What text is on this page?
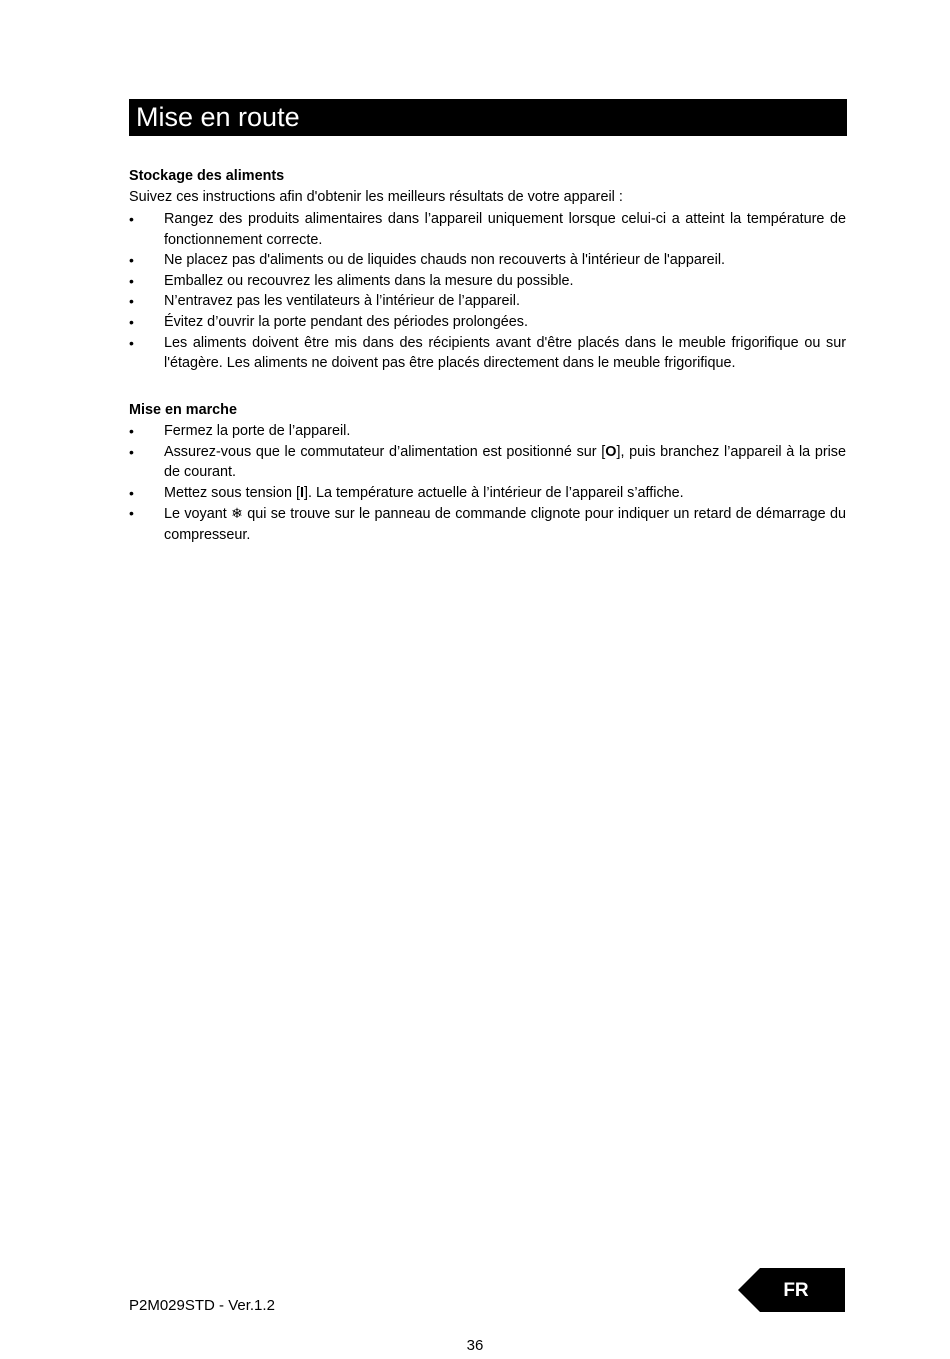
Mise en route

Stockage des aliments

Suivez ces instructions afin d'obtenir les meilleurs résultats de votre appareil :

•	Rangez des produits alimentaires dans l’appareil uniquement lorsque celui-ci a atteint la température de fonctionnement correcte.
•	Ne placez pas d'aliments ou de liquides chauds non recouverts à l'intérieur de l'appareil.
•	Emballez ou recouvrez les aliments dans la mesure du possible.
•	N’entravez pas les ventilateurs à l’intérieur de l’appareil.
•	Évitez d’ouvrir la porte pendant des périodes prolongées.
•	Les aliments doivent être mis dans des récipients avant d'être placés dans le meuble frigorifique ou sur l'étagère. Les aliments ne doivent pas être placés directement dans le meuble frigorifique.

Mise en marche

•	Fermez la porte de l’appareil.
•	Assurez-vous que le commutateur d’alimentation est positionné sur [O], puis branchez l’appareil à la prise de courant.
•	Mettez sous tension [I]. La température actuelle à l’intérieur de l’appareil s’affiche.
•	Le voyant ❄ qui se trouve sur le panneau de commande clignote pour indiquer un retard de démarrage du compresseur.
P2M029STD - Ver.1.2
FR
36
